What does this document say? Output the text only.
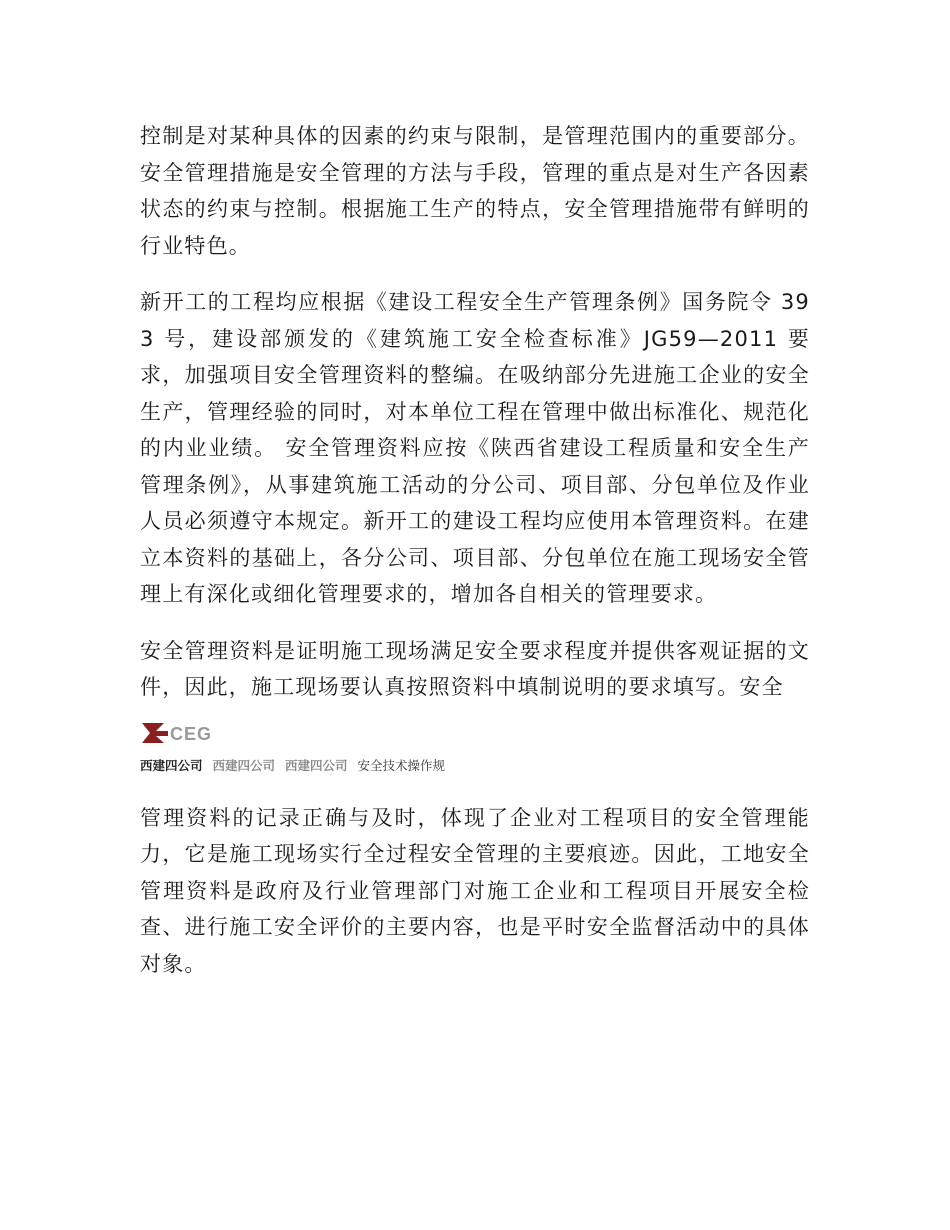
控制是对某种具体的因素的约束与限制，是管理范围内的重要部分。安全管理措施是安全管理的方法与手段，管理的重点是对生产各因素状态的约束与控制。根据施工生产的特点，安全管理措施带有鲜明的行业特色。

新开工的工程均应根据《建设工程安全生产管理条例》国务院令 393 号，建设部颁发的《建筑施工安全检查标准》JG59—2011 要求，加强项目安全管理资料的整编。在吸纳部分先进施工企业的安全生产，管理经验的同时，对本单位工程在管理中做出标准化、规范化的内业业绩。 安全管理资料应按《陕西省建设工程质量和安全生产管理条例》，从事建筑施工活动的分公司、项目部、分包单位及作业人员必须遵守本规定。新开工的建设工程均应使用本管理资料。在建立本资料的基础上，各分公司、项目部、分包单位在施工现场安全管理上有深化或细化管理要求的，增加各自相关的管理要求。

安全管理资料是证明施工现场满足安全要求程度并提供客观证据的文件，因此，施工现场要认真按照资料中填制说明的要求填写。安全

CEG
西建四公司 西建四公司 西建四公司 安全技术操作规

管理资料的记录正确与及时，体现了企业对工程项目的安全管理能力，它是施工现场实行全过程安全管理的主要痕迹。因此，工地安全管理资料是政府及行业管理部门对施工企业和工程项目开展安全检查、进行施工安全评价的主要内容，也是平时安全监督活动中的具体对象。
